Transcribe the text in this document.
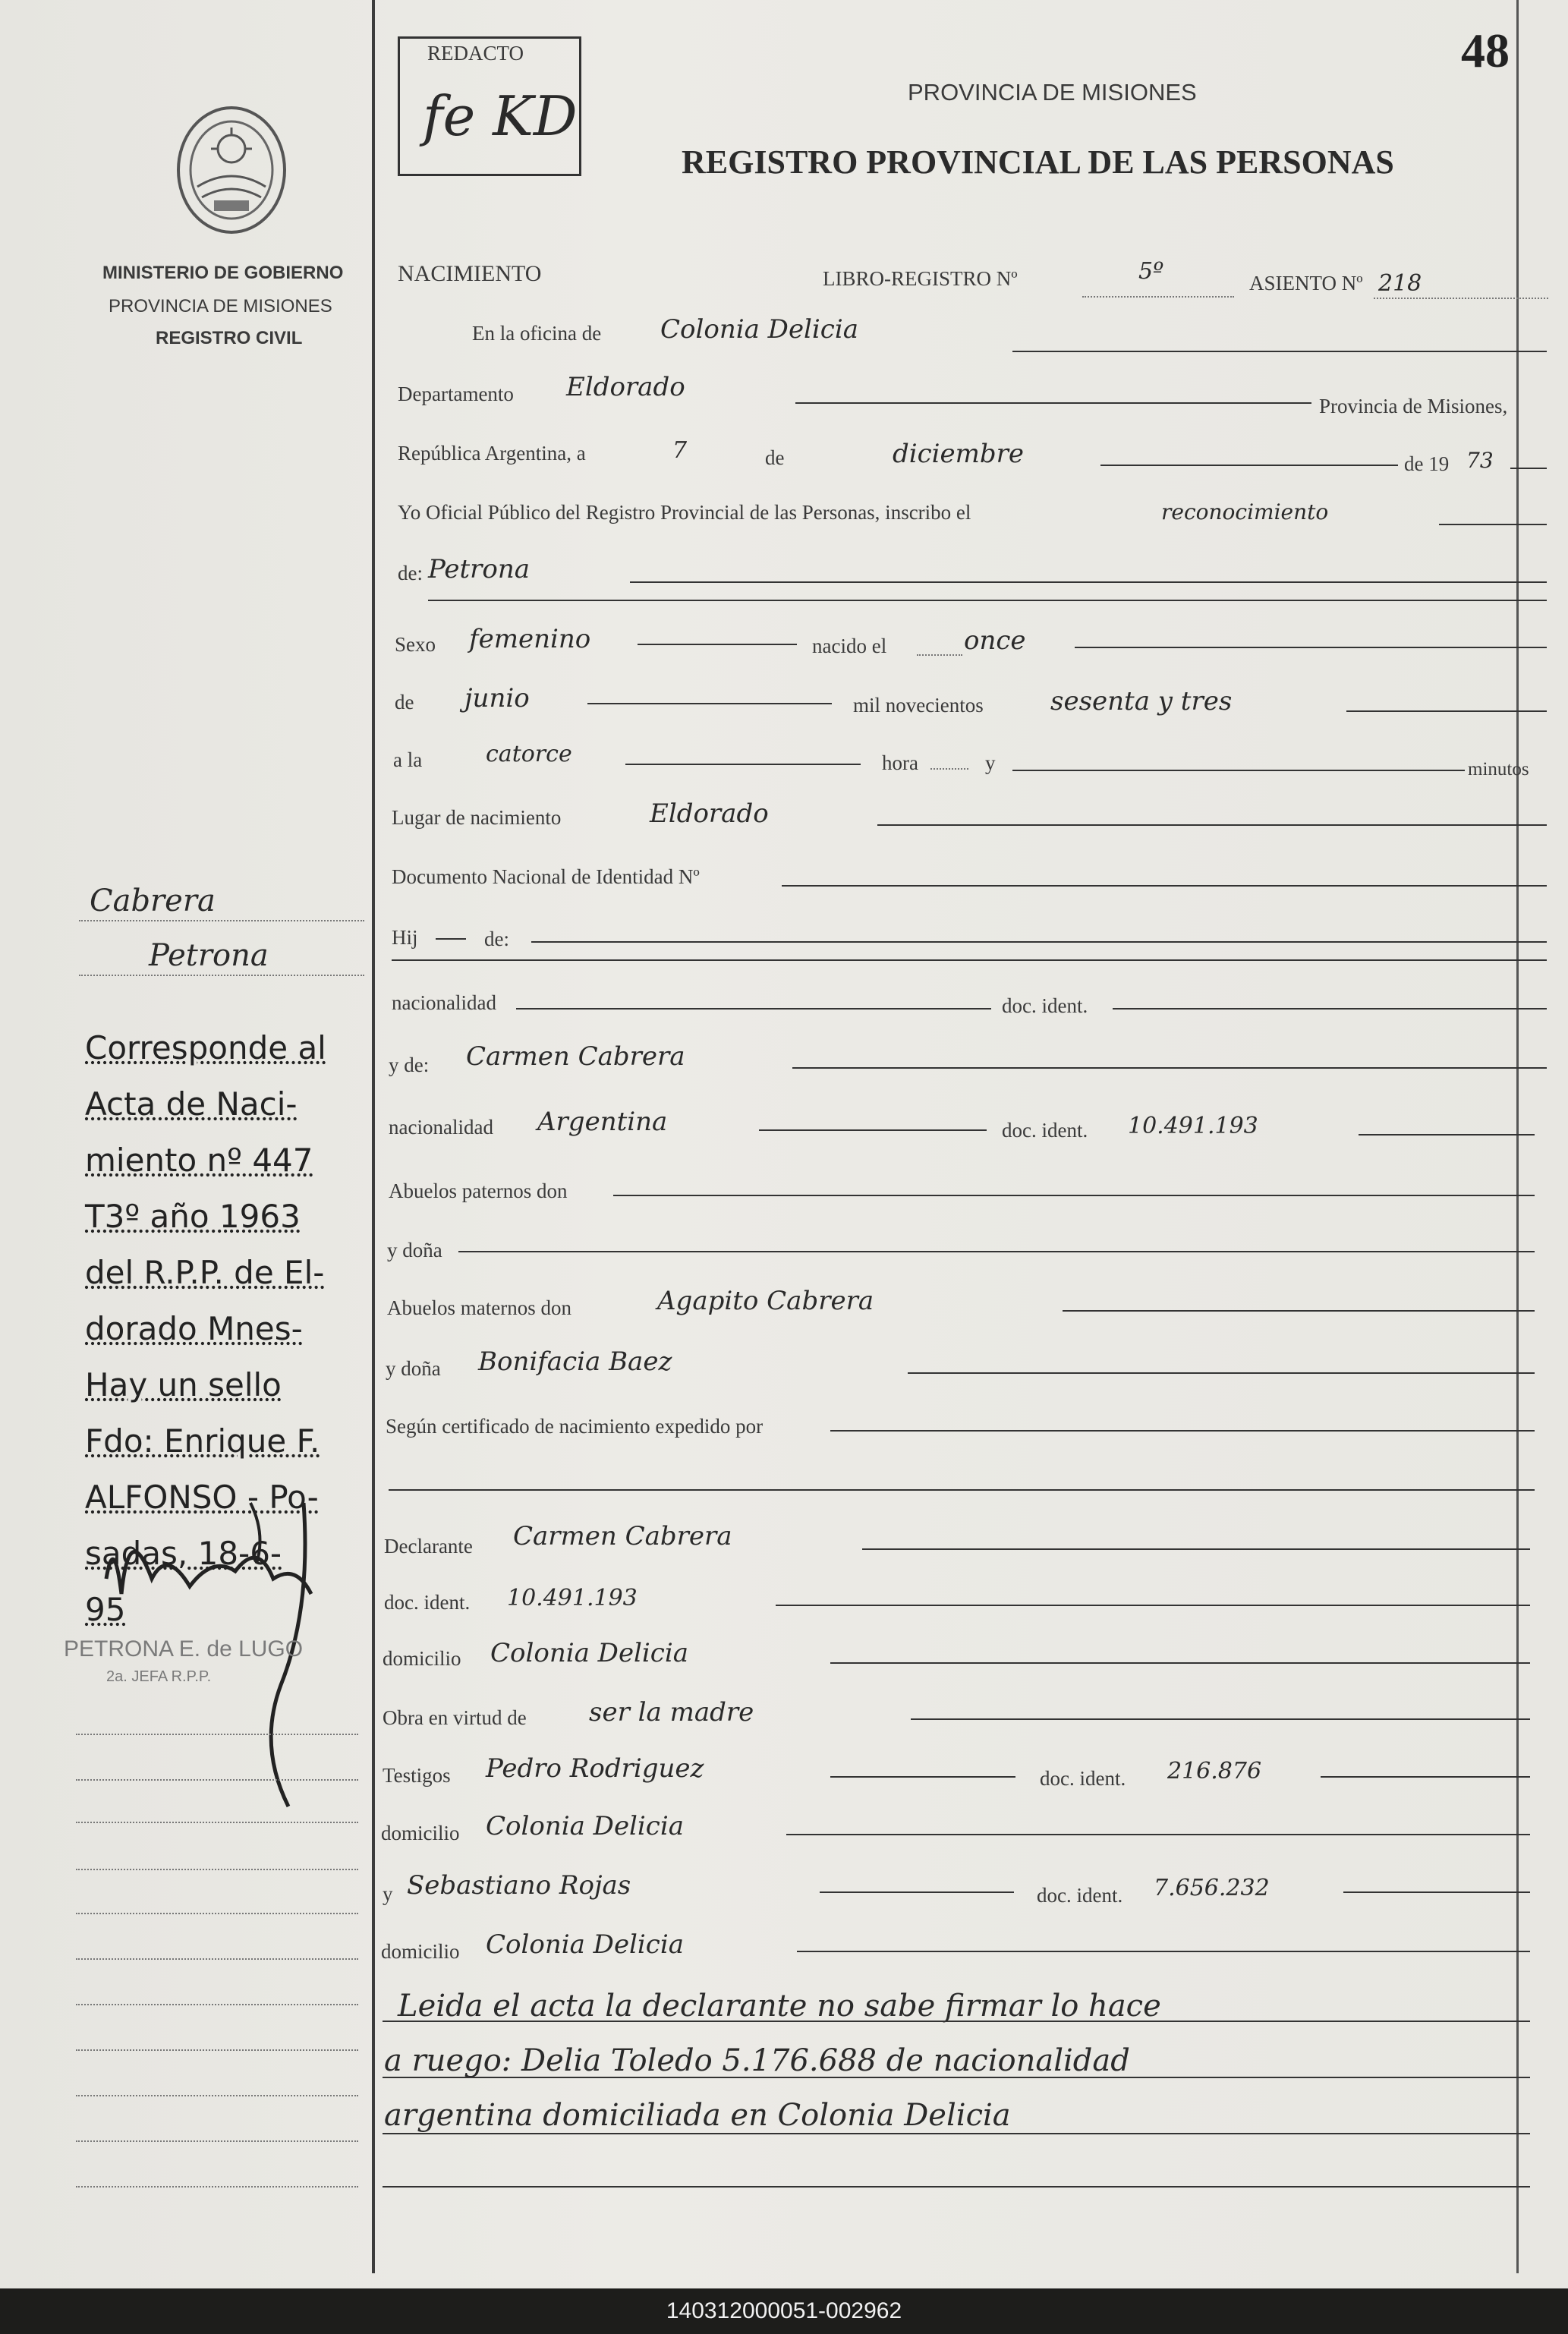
48
REDACTO
fe KD	PROVINCIA DE MISIONES
REGISTRO PROVINCIAL DE LAS PERSONAS
MINISTERIO DE GOBIERNO
PROVINCIA DE MISIONES
REGISTRO CIVIL
NACIMIENTO	LIBRO-REGISTRO Nº	5º	ASIENTO Nº 218
En la oficina de Colonia Delicia
Departamento Eldorado
Provincia de Misiones,
República Argentina, a	7	de	diciembre	de 19 73
Yo Oficial Público del Registro Provincial de las Personas, inscribo el	reconocimiento
de: Petrona
Sexo femenino	nacido el	once
de junio	mil novecientos	sesenta y tres
a la	catorce	hora	y	minutos
Lugar de nacimiento	Eldorado
Documento Nacional de Identidad Nº
Hij	de:
nacionalidad	doc. ident.
y de: Carmen Cabrera
nacionalidad Argentina	doc. ident. 10.491.193
Abuelos paternos don
y doña
Abuelos maternos don	Agapito Cabrera
y doña Bonifacia Baez
Según certificado de nacimiento expedido por
Declarante Carmen Cabrera
doc. ident. 10.491.193
domicilio Colonia Delicia
Obra en virtud de ser la madre
Testigos Pedro Rodriguez	doc. ident. 216.876
domicilio Colonia Delicia
y Sebastiano Rojas	doc. ident. 7.656.232
domicilio Colonia Delicia
Leida el acta la declarante no sabe firmar lo hace
a ruego: Delia Toledo 5.176.688 de nacionalidad
argentina domiciliada en Colonia Delicia
Cabrera
Petrona
Corresponde al
Acta de Naci-
miento nº 447
T3º año 1963
del R.P.P. de El-
dorado Mnes-
Hay un sello
Fdo: Enrique F.
ALFONSO - Po-
sadas, 18-6-
95
PETRONA E. de LUGO
2a. JEFA R.P.P.
140312000051-002962
